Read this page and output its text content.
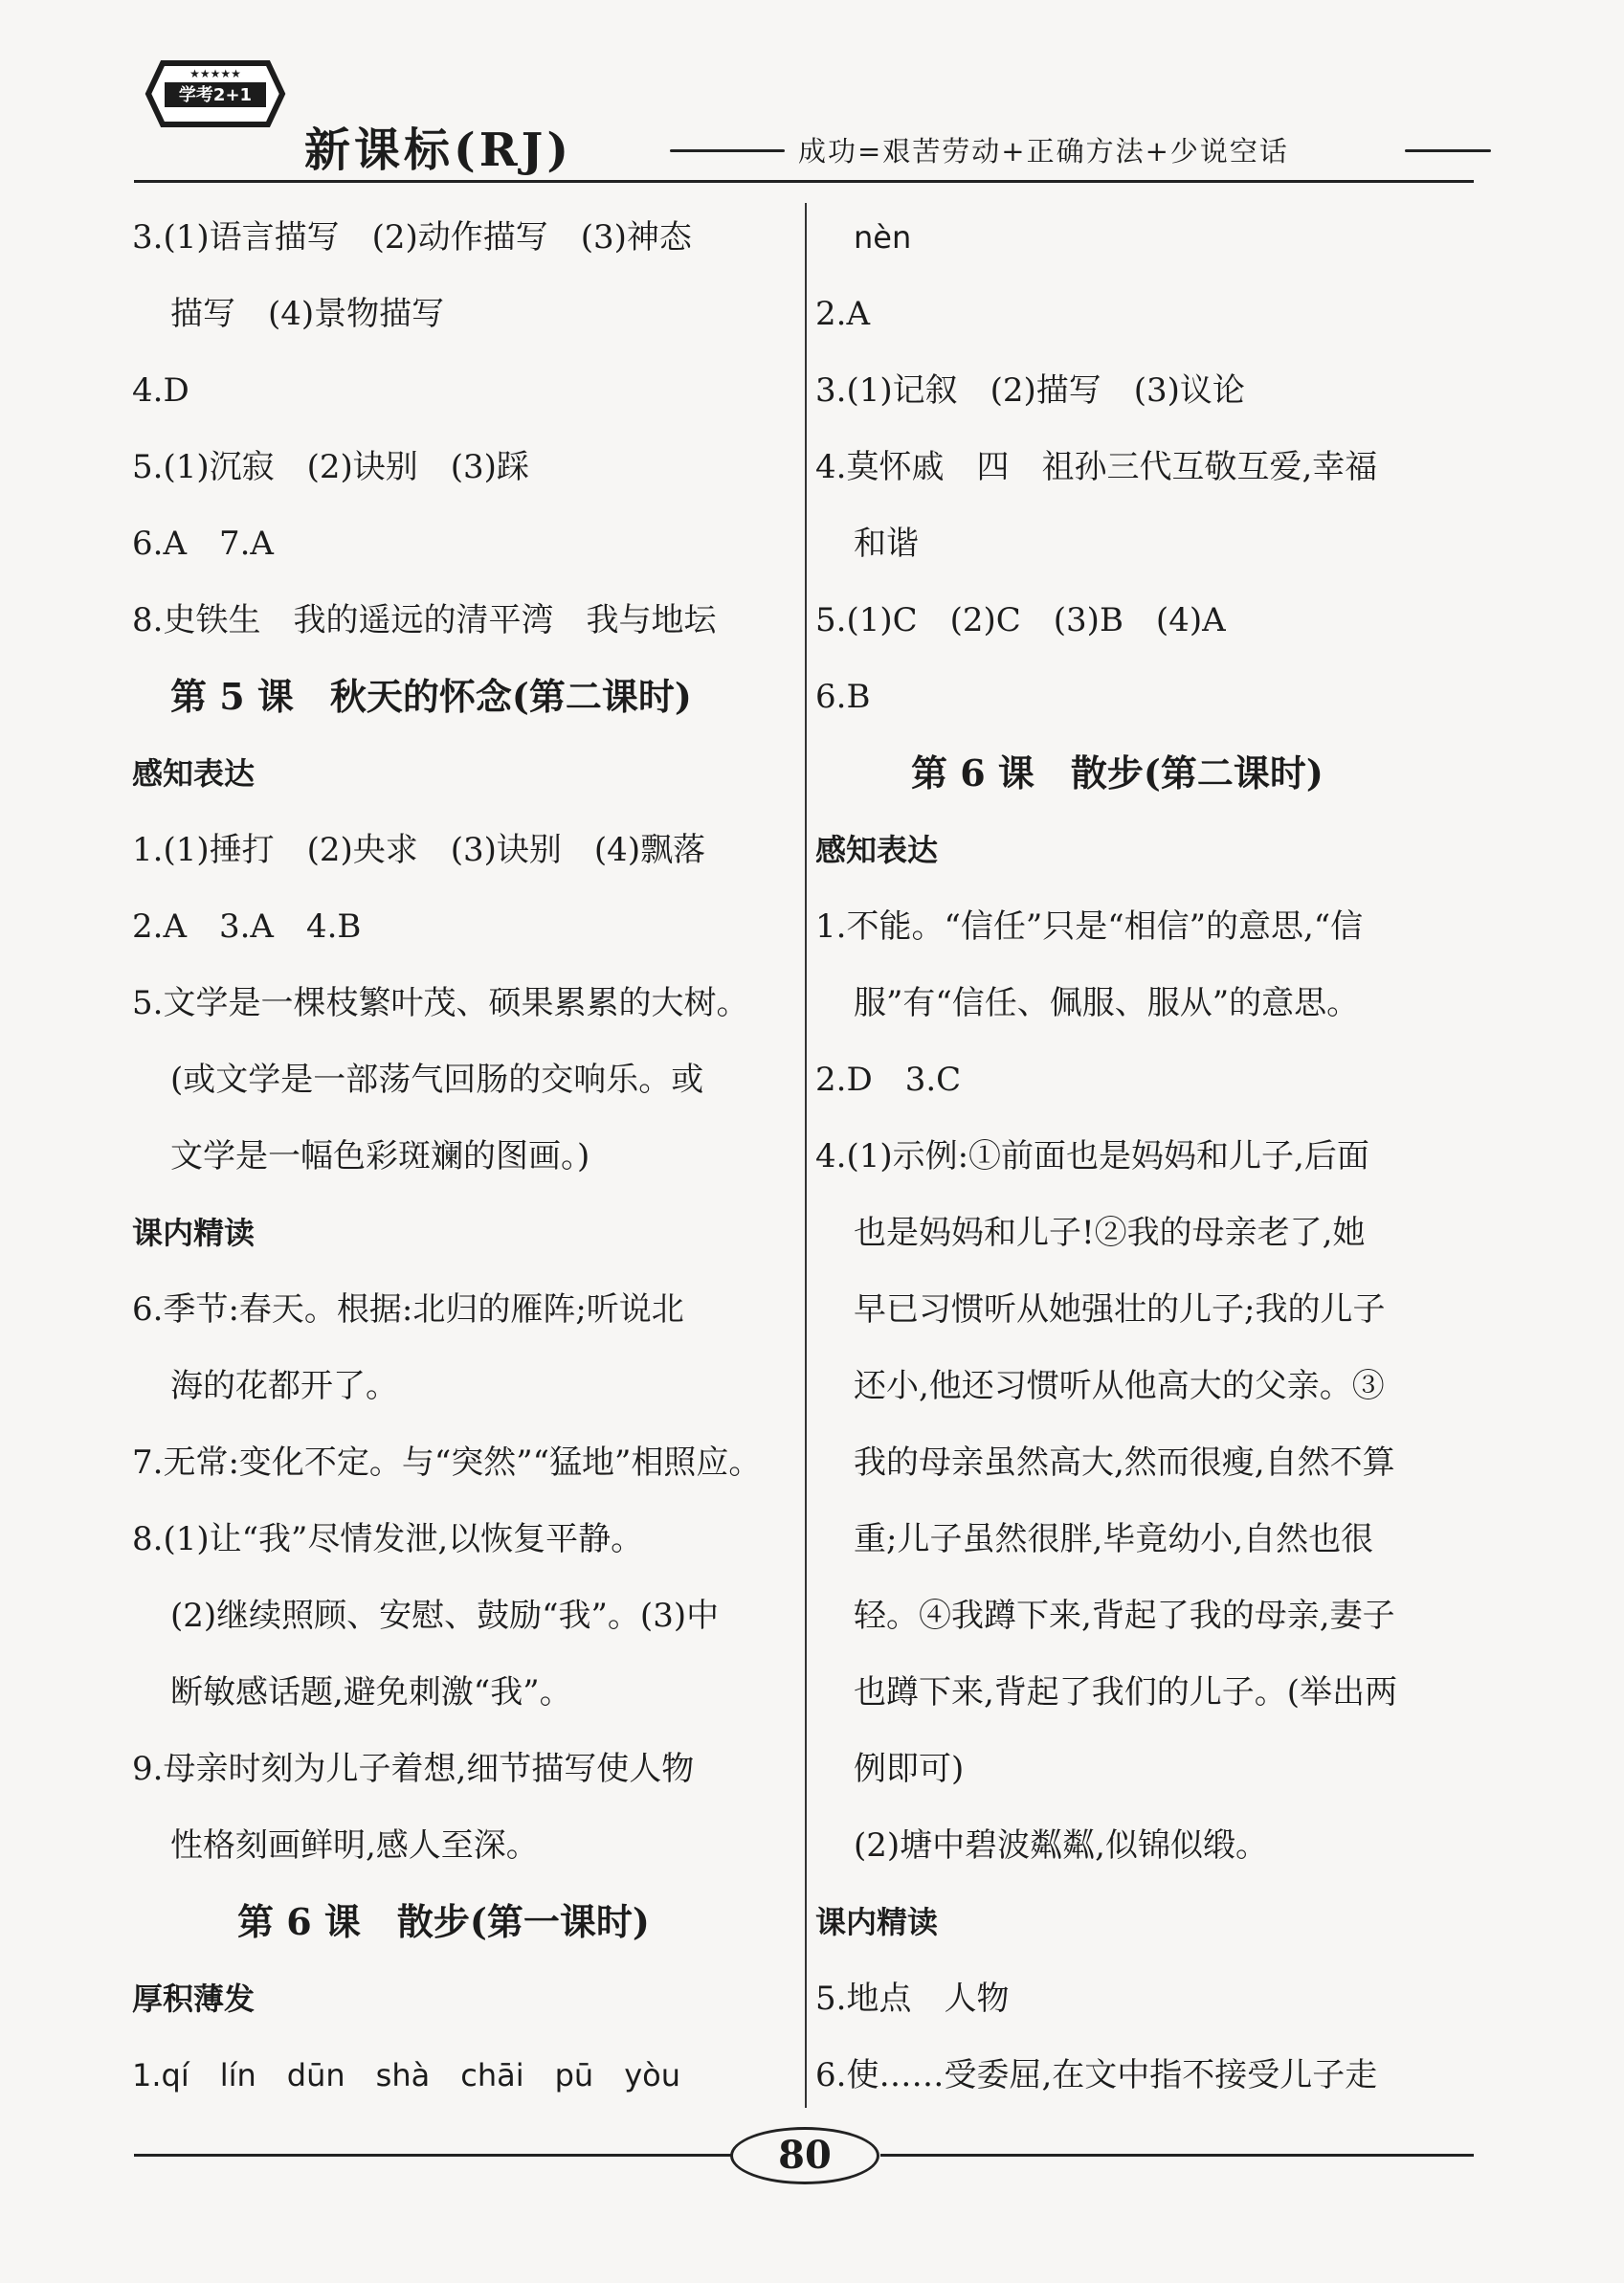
★★★★★
学考2+1
新课标(RJ)	成功=艰苦劳动+正确方法+少说空话
3.(1)语言描写　(2)动作描写　(3)神态
描写　(4)景物描写
4.D
5.(1)沉寂　(2)诀别　(3)踩
6.A　7.A
8.史铁生　我的遥远的清平湾　我与地坛
第 5 课　秋天的怀念(第二课时)
感知表达
1.(1)捶打　(2)央求　(3)诀别　(4)飘落
2.A　3.A　4.B
5.文学是一棵枝繁叶茂、硕果累累的大树。
(或文学是一部荡气回肠的交响乐。或
文学是一幅色彩斑斓的图画。)
课内精读
6.季节:春天。根据:北归的雁阵;听说北
海的花都开了。
7.无常:变化不定。与“突然”“猛地”相照应。
8.(1)让“我”尽情发泄,以恢复平静。
(2)继续照顾、安慰、鼓励“我”。(3)中
断敏感话题,避免刺激“我”。
9.母亲时刻为儿子着想,细节描写使人物
性格刻画鲜明,感人至深。
第 6 课　散步(第一课时)
厚积薄发
1.qí　lín　dūn　shà　chāi　pū　yòu
nèn
2.A
3.(1)记叙　(2)描写　(3)议论
4.莫怀戚　四　祖孙三代互敬互爱,幸福
和谐
5.(1)C　(2)C　(3)B　(4)A
6.B
第 6 课　散步(第二课时)
感知表达
1.不能。“信任”只是“相信”的意思,“信
服”有“信任、佩服、服从”的意思。
2.D　3.C
4.(1)示例:①前面也是妈妈和儿子,后面
也是妈妈和儿子!②我的母亲老了,她
早已习惯听从她强壮的儿子;我的儿子
还小,他还习惯听从他高大的父亲。③
我的母亲虽然高大,然而很瘦,自然不算
重;儿子虽然很胖,毕竟幼小,自然也很
轻。④我蹲下来,背起了我的母亲,妻子
也蹲下来,背起了我们的儿子。(举出两
例即可)
(2)塘中碧波粼粼,似锦似缎。
课内精读
5.地点　人物
6.使……受委屈,在文中指不接受儿子走
80
